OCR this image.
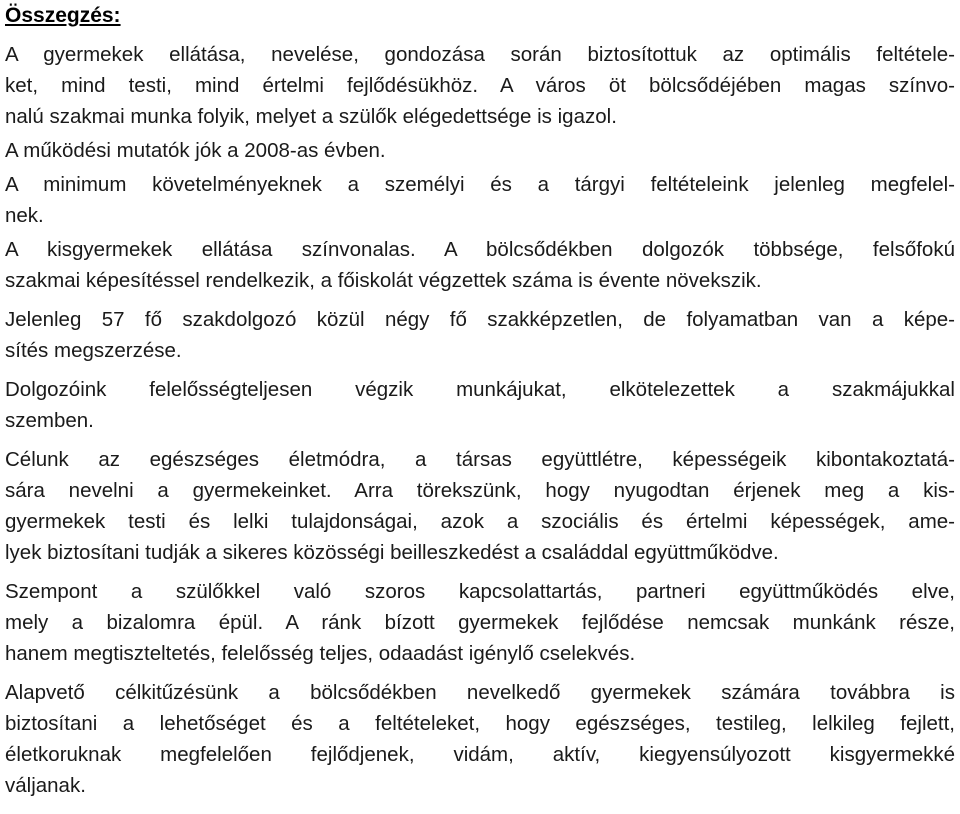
Összegzés:

A gyermekek ellátása, nevelése, gondozása során biztosítottuk az optimális feltétele-
ket, mind testi, mind értelmi fejlődésükhöz. A város öt bölcsődéjében magas színvo-
nalú szakmai munka folyik, melyet a szülők elégedettsége is igazol.

A működési mutatók jók a 2008-as évben.

A minimum követelményeknek a személyi és a tárgyi feltételeink jelenleg megfelel-
nek.

A kisgyermekek ellátása színvonalas. A bölcsődékben dolgozók többsége, felsőfokú
szakmai képesítéssel rendelkezik, a főiskolát végzettek száma is évente növekszik.

Jelenleg 57 fő szakdolgozó közül négy fő szakképzetlen, de folyamatban van a képe-
sítés megszerzése.

Dolgozóink felelősségteljesen végzik munkájukat, elkötelezettek a szakmájukkal
szemben.

Célunk az egészséges életmódra, a társas együttlétre, képességeik kibontakoztatá-
sára nevelni a gyermekeinket. Arra törekszünk, hogy nyugodtan érjenek meg a kis-
gyermekek testi és lelki tulajdonságai, azok a szociális és értelmi képességek, ame-
lyek biztosítani tudják a sikeres közösségi beilleszkedést a családdal együttműködve.

Szempont a szülőkkel való szoros kapcsolattartás, partneri együttműködés elve,
mely a bizalomra épül. A ránk bízott gyermekek fejlődése nemcsak munkánk része,
hanem megtiszteltetés, felelősség teljes, odaadást igénylő cselekvés.

Alapvető célkitűzésünk a bölcsődékben nevelkedő gyermekek számára továbbra is
biztosítani a lehetőséget és a feltételeket, hogy egészséges, testileg, lelkileg fejlett,
életkoruknak megfelelően fejlődjenek, vidám, aktív, kiegyensúlyozott kisgyermekké
váljanak.
